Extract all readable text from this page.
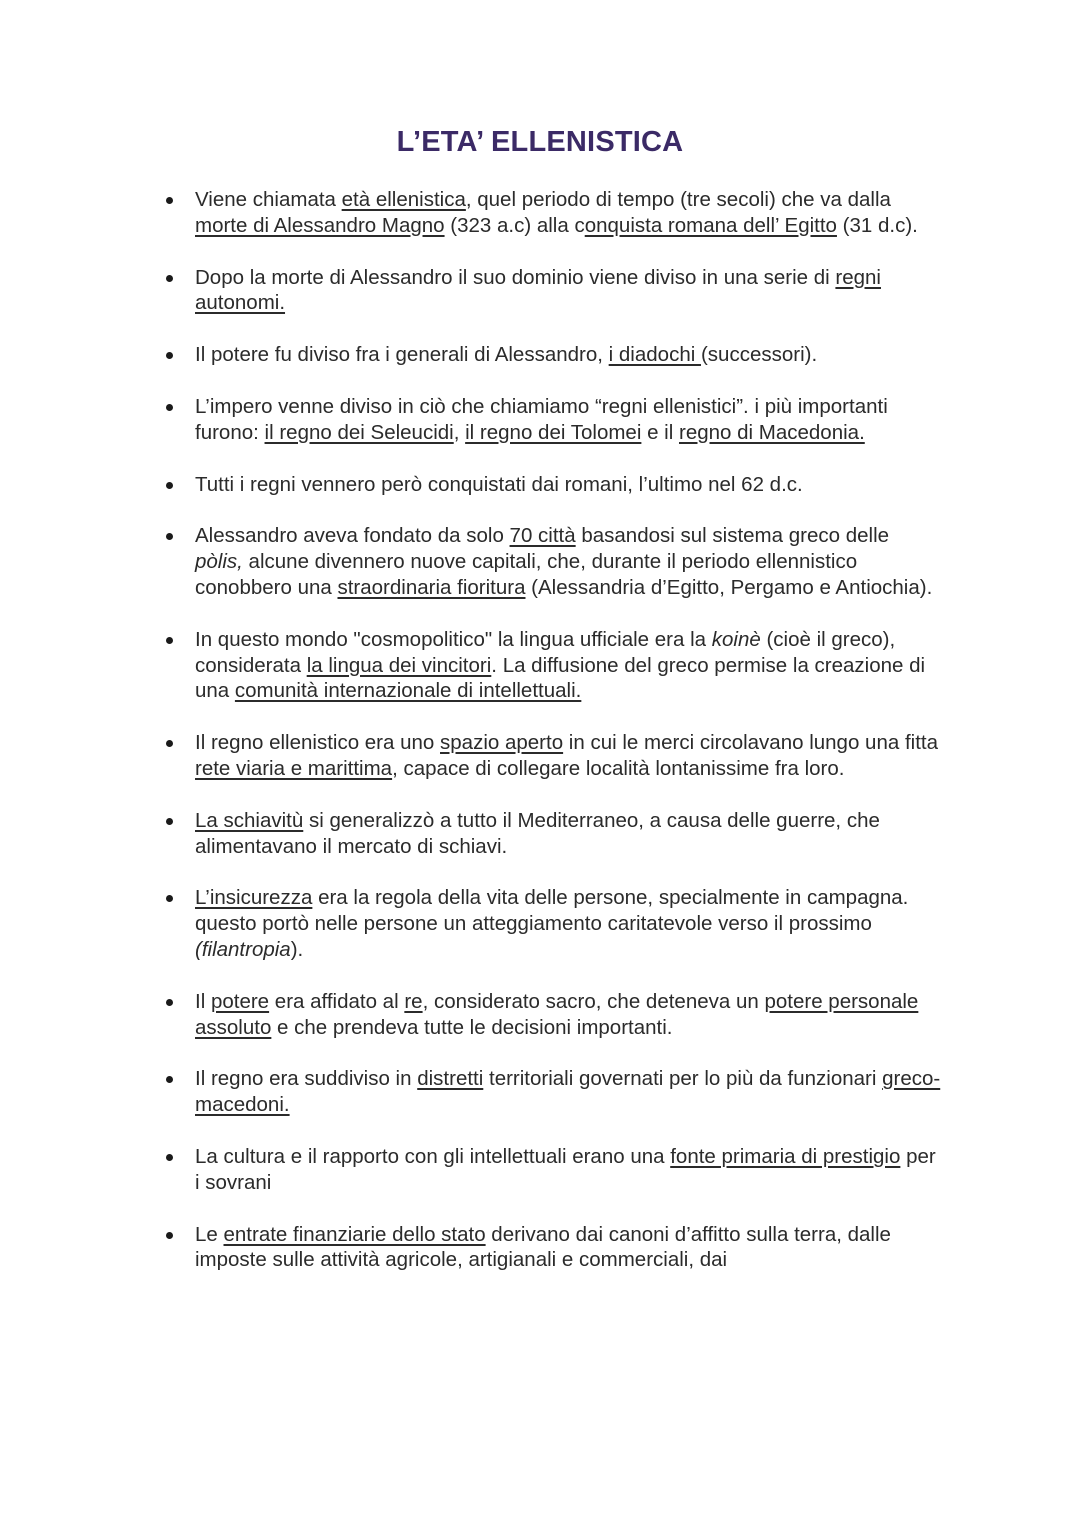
L’ETA’ ELLENISTICA
Viene chiamata età ellenistica, quel periodo di tempo (tre secoli) che va dalla morte di Alessandro Magno (323 a.c) alla conquista romana dell’ Egitto (31 d.c).
Dopo la morte di Alessandro il suo dominio viene diviso in una serie di regni autonomi.
Il potere fu diviso fra i generali di Alessandro, i diadochi (successori).
L’impero venne diviso in ciò che chiamiamo “regni ellenistici”. i più importanti furono: il regno dei Seleucidi, il regno dei Tolomei e il regno di Macedonia.
Tutti i regni vennero però conquistati dai romani, l’ultimo nel 62 d.c.
Alessandro aveva fondato da solo 70 città basandosi sul sistema greco delle pòlis, alcune divennero nuove capitali, che, durante il periodo ellennistico conobbero una straordinaria fioritura (Alessandria d’Egitto, Pergamo e Antiochia).
In questo mondo "cosmopolitico" la lingua ufficiale era la koinè (cioè il greco), considerata la lingua dei vincitori. La diffusione del greco permise la creazione di una comunità internazionale di intellettuali.
Il regno ellenistico era uno spazio aperto in cui le merci circolavano lungo una fitta rete viaria e marittima, capace di collegare località lontanissime fra loro.
La schiavitù si generalizzò a tutto il Mediterraneo, a causa delle guerre, che alimentavano il mercato di schiavi.
L’insicurezza era la regola della vita delle persone, specialmente in campagna. questo portò nelle persone un atteggiamento caritatevole verso il prossimo (filantropia).
Il potere era affidato al re, considerato sacro, che deteneva un potere personale assoluto e che prendeva tutte le decisioni importanti.
Il regno era suddiviso in distretti territoriali governati per lo più da funzionari greco-macedoni.
La cultura e il rapporto con gli intellettuali erano una fonte primaria di prestigio per i sovrani
Le entrate finanziarie dello stato derivano dai canoni d’affitto sulla terra, dalle imposte sulle attività agricole, artigianali e commerciali, dai
